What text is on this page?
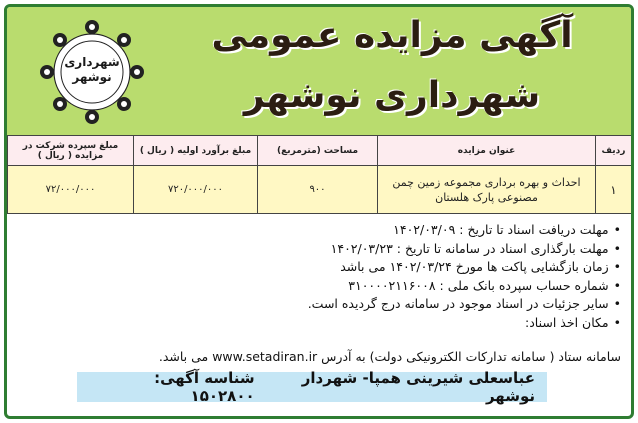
آگهی مزایده عمومی
شهرداری نوشهر
شهرداری
نوشهر
ردیف	عنوان مزایده	مساحت (مترمربع)	مبلغ برآورد اولیه ( ریال )	مبلغ سپرده شرکت در مزایده ( ریال )
۱	احداث و بهره برداری مجموعه زمین چمن مصنوعی پارک هلستان	۹۰۰	۷۲۰/۰۰۰/۰۰۰	۷۲/۰۰۰/۰۰۰
• مهلت دریافت اسناد تا تاریخ : ۱۴۰۲/۰۳/۰۹
• مهلت بارگذاری اسناد در سامانه تا تاریخ : ۱۴۰۲/۰۳/۲۳
• زمان بازگشایی پاکت ها مورخ ۱۴۰۲/۰۳/۲۴ می باشد
• شماره حساب سپرده بانک ملی : ۳۱۰۰۰۰۲۱۱۶۰۰۸
• سایر جزئیات در اسناد موجود در سامانه درج گردیده است.
• مکان اخذ اسناد:
سامانه ستاد ( سامانه تدارکات الکترونیکی دولت) به آدرس www.setadiran.ir می باشد.
عباسعلی شیرینی همپا- شهردار نوشهر
شناسه آگهی: ۱۵۰۲۸۰۰
